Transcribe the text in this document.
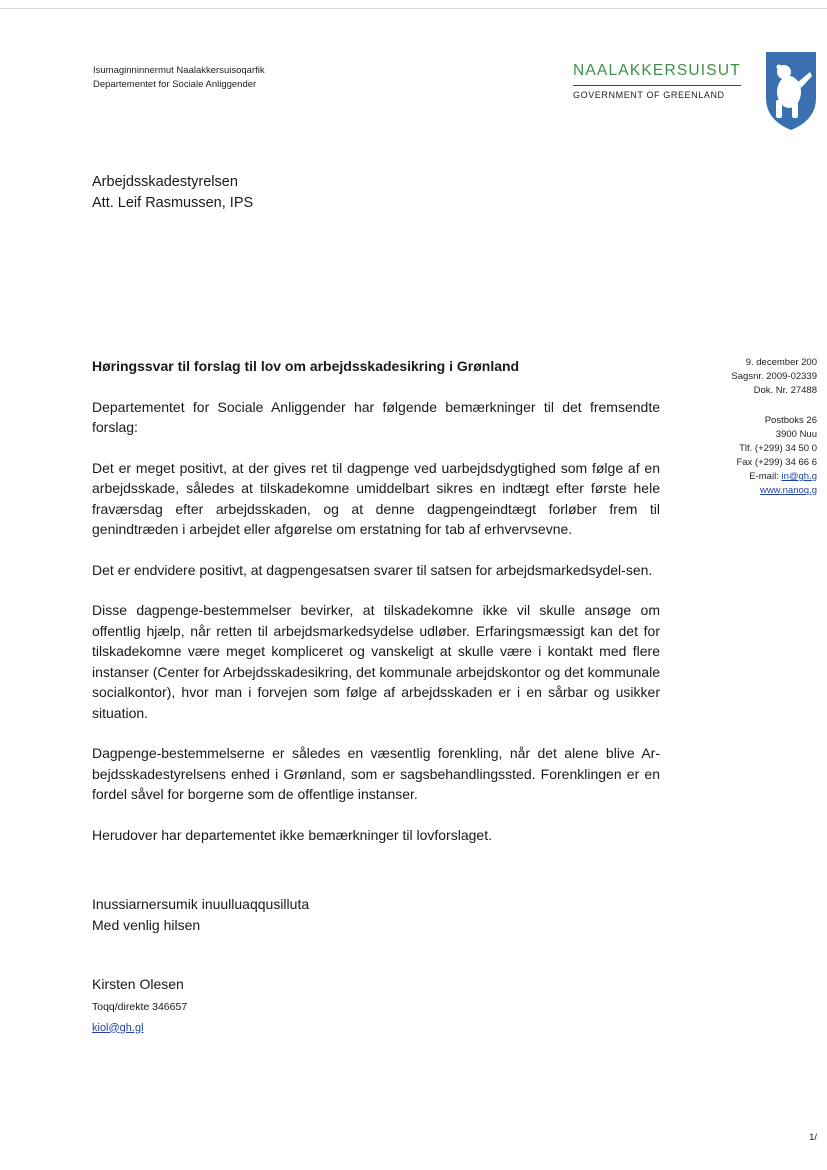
Isumaginninnermut Naalakkersuisoqarfik
Departementet for Sociale Anliggender
NAALAKKERSUISUT
GOVERNMENT OF GREENLAND
Arbejdsskadestyrelsen
Att. Leif Rasmussen, IPS
9. december 200
Sagsnr. 2009-02339
Dok. Nr. 27488
Postboks 26
3900 Nuu
Tlf. (+299) 34 50 0
Fax (+299) 34 66 6
E-mail: in@gh.g
www.nanoq.g
Høringssvar til forslag til lov om arbejdsskadesikring i Grønland

Departementet for Sociale Anliggender har følgende bemærkninger til det fremsendte forslag:

Det er meget positivt, at der gives ret til dagpenge ved uarbejdsdygtighed som følge af en arbejdsskade, således at tilskadekomne umiddelbart sikres en indtægt efter første hele fraværsdag efter arbejdsskaden, og at denne dagpengeindtægt forløber frem til genindtræden i arbejdet eller afgørelse om erstatning for tab af erhvervsevne.

Det er endvidere positivt, at dagpengesatsen svarer til satsen for arbejdsmarkedsydel-sen.

Disse dagpenge-bestemmelser bevirker, at tilskadekomne ikke vil skulle ansøge om offentlig hjælp, når retten til arbejdsmarkedsydelse udløber. Erfaringsmæssigt kan det for tilskadekomne være meget kompliceret og vanskeligt at skulle være i kontakt med flere instanser (Center for Arbejdsskadesikring, det kommunale arbejdskontor og det kommunale socialkontor), hvor man i forvejen som følge af arbejdsskaden er i en sårbar og usikker situation.

Dagpenge-bestemmelserne er således en væsentlig forenkling, når det alene blive Ar-bejdsskadestyrelsens enhed i Grønland, som er sagsbehandlingssted. Forenklingen er en fordel såvel for borgerne som de offentlige instanser.

Herudover har departementet ikke bemærkninger til lovforslaget.

Inussiarnersumik inuulluaqqusilluta
Med venlig hilsen
Kirsten Olesen
Toqq/direkte 346657
kiol@gh.gl
1/
